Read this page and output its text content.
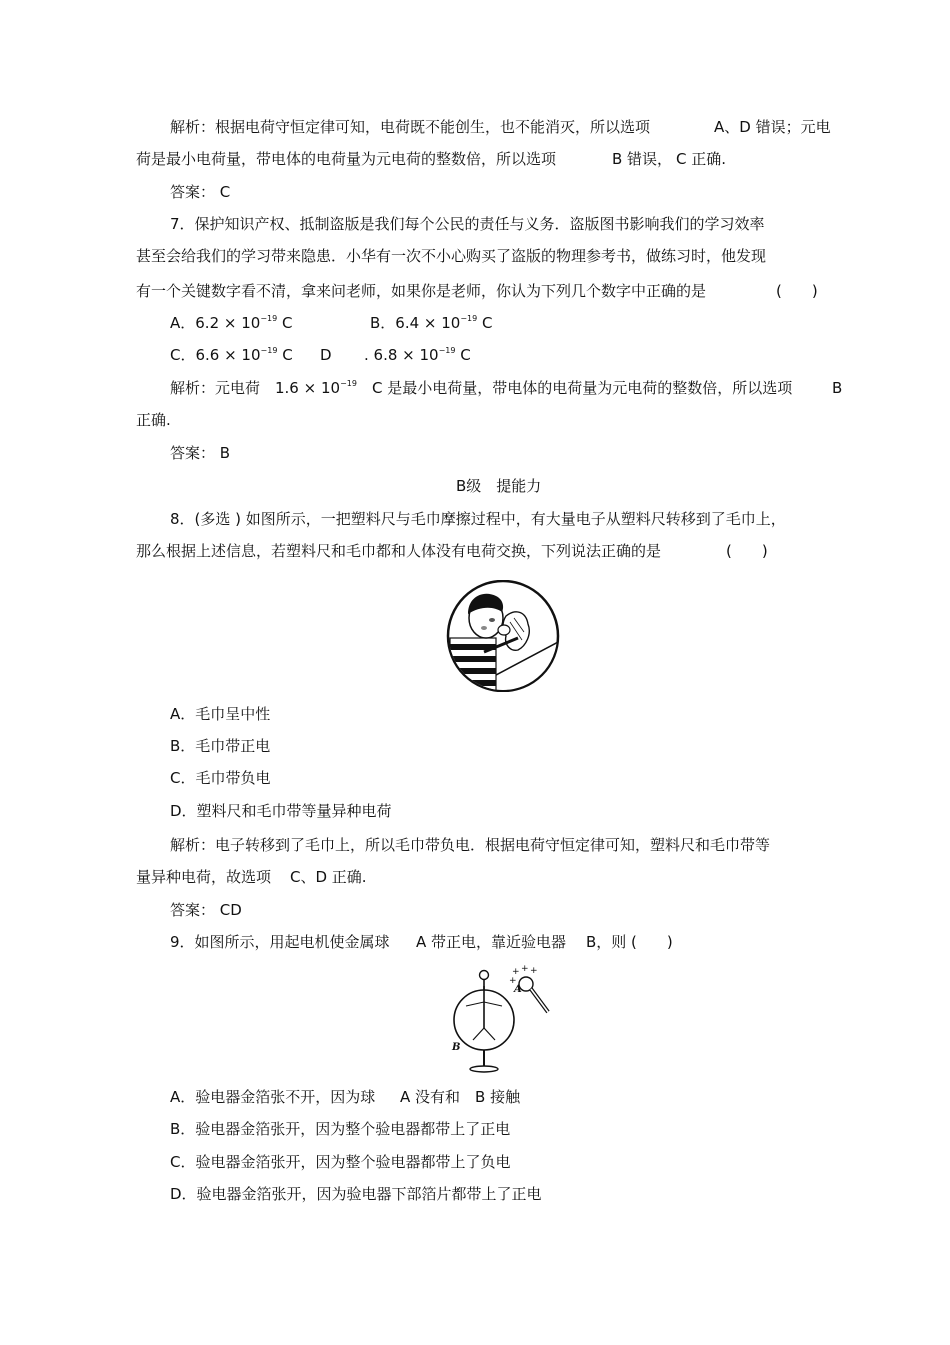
解析：根据电荷守恒定律可知，电荷既不能创生，也不能消灭，所以选项	A、D 错误；元电
荷是最小电荷量，带电体的电荷量为元电荷的整数倍，所以选项	B 错误， C 正确.
答案： C
7．保护知识产权、抵制盗版是我们每个公民的责任与义务．盗版图书影响我们的学习效率
甚至会给我们的学习带来隐患．小华有一次不小心购买了盗版的物理参考书，做练习时，他发现
有一个关键数字看不清，拿来问老师，如果你是老师，你认为下列几个数字中正确的是	(　　)
A．$6.2 \times 10^{-19}$ C	B．$6.4 \times 10^{-19}$ C
C．$6.6 \times 10^{-19}$ C D . $6.8 \times 10^{-19}$ C
解析：元电荷　$1.6 \times 10^{-19}$ C 是最小电荷量，带电体的电荷量为元电荷的整数倍，所以选项	B
正确.
答案： B
B级　提能力
8．(多选 ) 如图所示，一把塑料尺与毛巾摩擦过程中，有大量电子从塑料尺转移到了毛巾上，
那么根据上述信息，若塑料尺和毛巾都和人体没有电荷交换，下列说法正确的是	(　　)
A．毛巾呈中性
B．毛巾带正电
C．毛巾带负电
D．塑料尺和毛巾带等量异种电荷
解析：电子转移到了毛巾上，所以毛巾带负电．根据电荷守恒定律可知，塑料尺和毛巾带等
量异种电荷，故选项 C、D 正确.
答案： CD
9．如图所示，用起电机使金属球 A 带正电，靠近验电器 B，则 (　　)
+ + +
+
A
B
A．验电器金箔张不开，因为球 A 没有和　B 接触
B．验电器金箔张开，因为整个验电器都带上了正电
C．验电器金箔张开，因为整个验电器都带上了负电
D．验电器金箔张开，因为验电器下部箔片都带上了正电
